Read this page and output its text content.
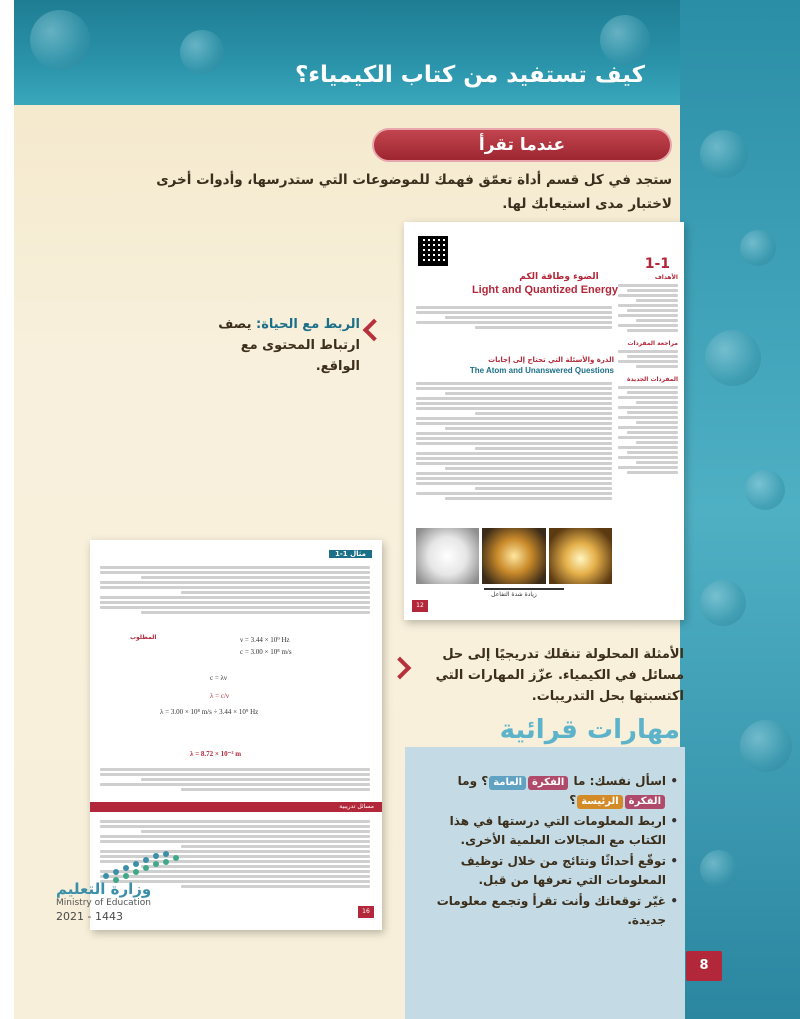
كيف تستفيد من كتاب الكيمياء؟
عندما تقرأ

ستجد في كل قسم أداة تعمّق فهمك للموضوعات التي ستدرسها، وأدوات أخرى لاختبار مدى استيعابك لها.

الربط مع الحياة: يصف ارتباط المحتوى مع الواقع.
الأمثلة المحلولة تنقلك تدريجيًا إلى حل مسائل في الكيمياء. عزّز المهارات التي اكتسبتها بحل التدريبات.
1-1
الضوء وطاقة الكم
Light and Quantized Energy
الأهداف
مراجعة المفردات
المفردات الجديدة
الذرة والأسئلة التي تحتاج إلى إجابات
The Atom and Unanswered Questions
زيادة شدة التفاعل
12
مثال 1-1
المطلوب	ν = 3.44 × 10⁹ Hz
c = 3.00 × 10⁸ m/s
c = λν
λ = c/ν
λ = 3.00 × 10⁸ m/s ÷ 3.44 × 10⁹ Hz
λ = 8.72 × 10⁻² m
مسائل تدريبية
16
وزارة التعليم
Ministry of Education
2021 - 1443
مهارات قرائية
• اسأل نفسك: ما الفكرةالعامة؟ وما الفكرةالرئيسة؟
• اربط المعلومات التي درستها في هذا الكتاب مع المجالات العلمية الأخرى.
• توقّع أحداثًا ونتائج من خلال توظيف المعلومات التي تعرفها من قبل.
• غيّر توقعاتك وأنت تقرأ وتجمع معلومات جديدة.
8
